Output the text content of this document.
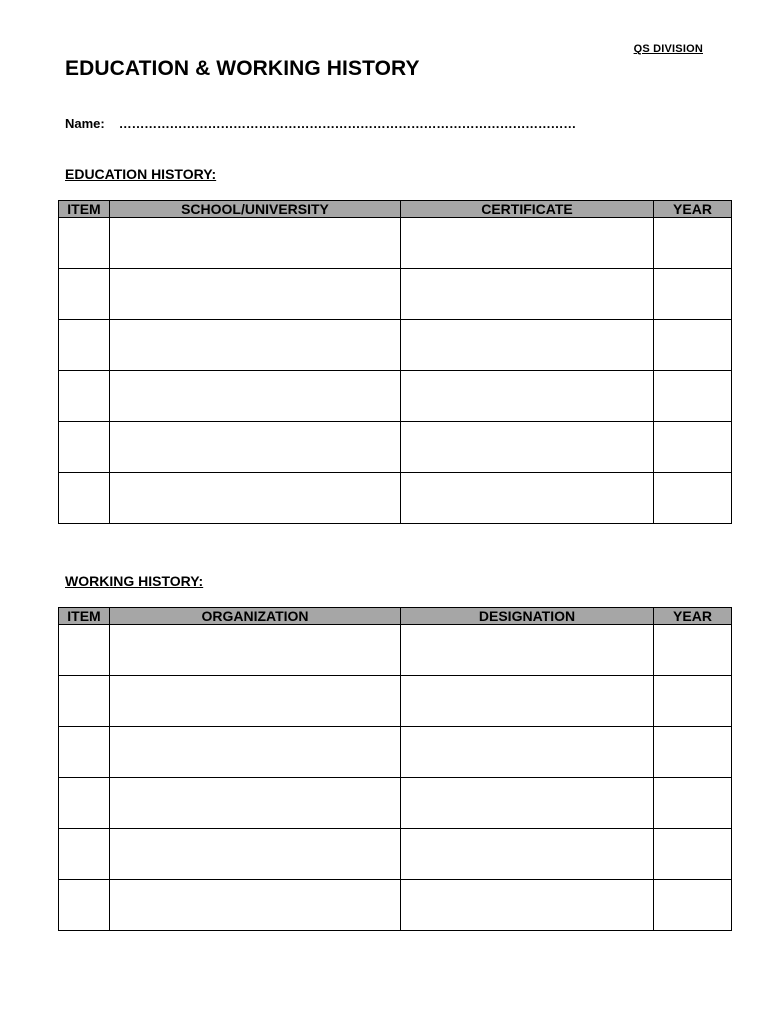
QS DIVISION
EDUCATION & WORKING HISTORY
Name: ………………………………………………………………………………………………
EDUCATION HISTORY:
ITEM	SCHOOL/UNIVERSITY	CERTIFICATE	YEAR

WORKING HISTORY:
ITEM	ORGANIZATION	DESIGNATION	YEAR
